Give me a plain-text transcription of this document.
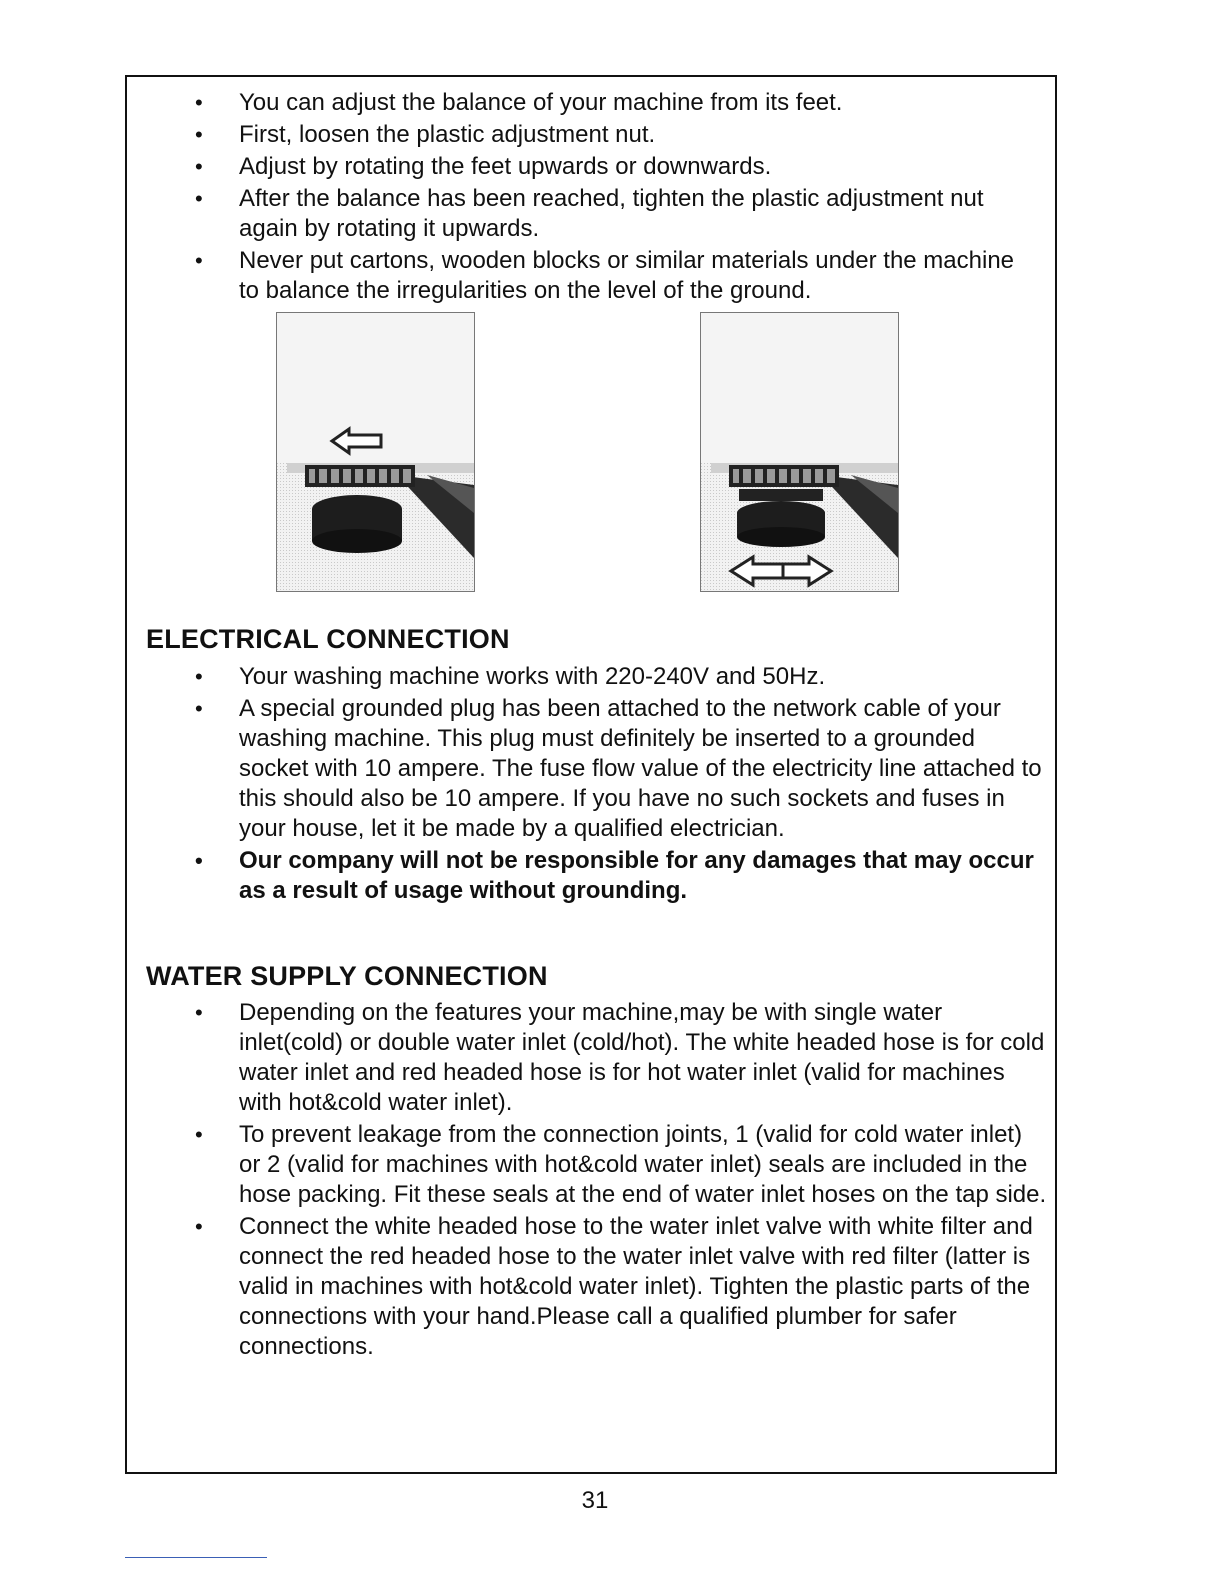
• You can adjust the balance of your machine from its feet.
• First, loosen the plastic adjustment nut.
• Adjust by rotating the feet upwards or downwards.
• After the balance has been reached, tighten the plastic adjustment nut again by rotating it upwards.
• Never put cartons, wooden blocks or similar materials under the machine to balance the irregularities on the level of the ground.
ELECTRICAL CONNECTION
• Your washing machine works with 220-240V and 50Hz.
• A special grounded plug has been attached to the network cable of your washing machine. This plug must definitely be inserted to a grounded socket with 10 ampere. The fuse flow value of the electricity line attached to this should also be 10 ampere. If you have no such sockets and fuses in your house, let it be made by a qualified electrician.
• Our company will not be responsible for any damages that may occur as a result of usage without grounding.
WATER SUPPLY CONNECTION
• Depending on the features your machine,may be with single water inlet(cold) or double water inlet (cold/hot). The white headed hose is for cold water inlet and red headed hose is for hot water inlet (valid for machines with hot&cold water inlet).
• To prevent leakage from the connection joints, 1 (valid for cold water inlet) or 2 (valid for machines with hot&cold water inlet) seals are included in the hose packing. Fit these seals at the end of water inlet hoses on the tap side.
• Connect the white headed hose to the water inlet valve with white filter and connect the red headed hose to the water inlet valve with red filter (latter is valid in machines with hot&cold water inlet). Tighten the plastic parts of the connections with your hand.Please call a qualified plumber for safer connections.
31
